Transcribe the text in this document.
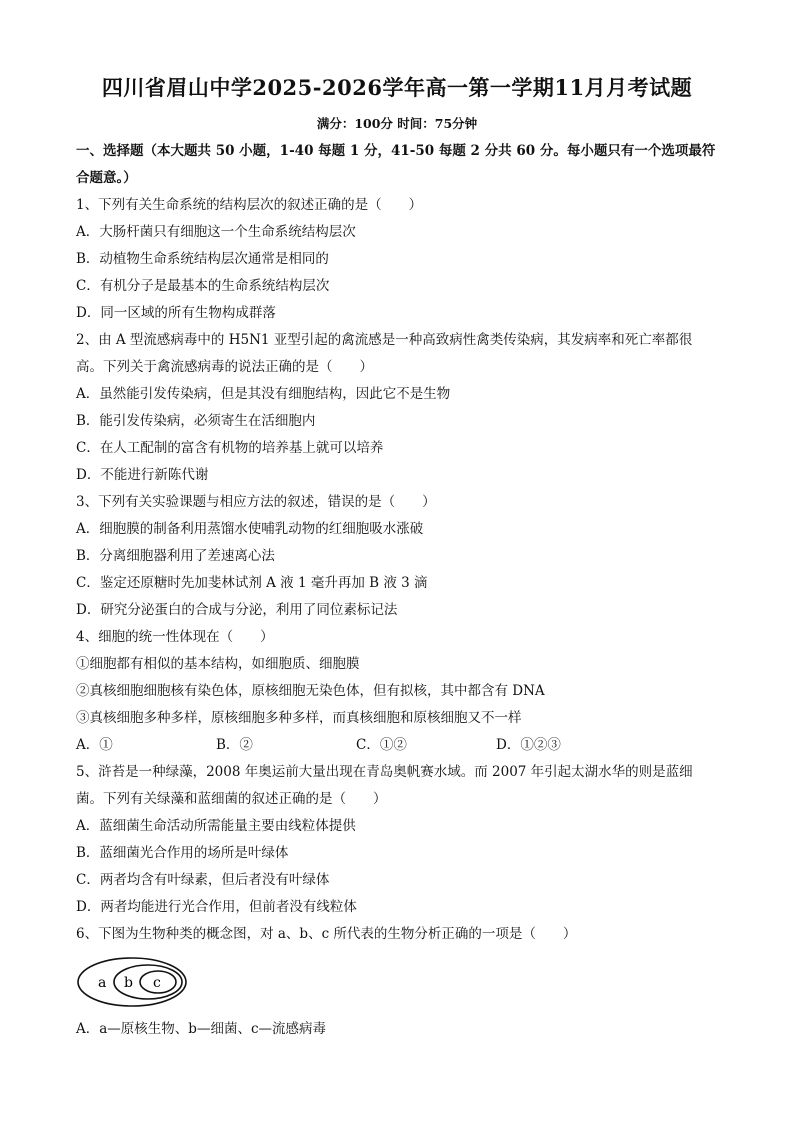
四川省眉山中学2025-2026学年高一第一学期11月月考试题
满分：100分 时间：75分钟
一、选择题（本大题共 50 小题，1-40 每题 1 分，41-50 每题 2 分共 60 分。每小题只有一个选项最符合题意。）
1、下列有关生命系统的结构层次的叙述正确的是（　　）
A．大肠杆菌只有细胞这一个生命系统结构层次
B．动植物生命系统结构层次通常是相同的
C．有机分子是最基本的生命系统结构层次
D．同一区域的所有生物构成群落
2、由 A 型流感病毒中的 H5N1 亚型引起的禽流感是一种高致病性禽类传染病，其发病率和死亡率都很高。下列关于禽流感病毒的说法正确的是（　　）
A．虽然能引发传染病，但是其没有细胞结构，因此它不是生物
B．能引发传染病，必须寄生在活细胞内
C．在人工配制的富含有机物的培养基上就可以培养
D．不能进行新陈代谢
3、下列有关实验课题与相应方法的叙述，错误的是（　　）
A．细胞膜的制备利用蒸馏水使哺乳动物的红细胞吸水涨破
B．分离细胞器利用了差速离心法
C．鉴定还原糖时先加斐林试剂 A 液 1 毫升再加 B 液 3 滴
D．研究分泌蛋白的合成与分泌，利用了同位素标记法
4、细胞的统一性体现在（　　）
①细胞都有相似的基本结构，如细胞质、细胞膜
②真核细胞细胞核有染色体，原核细胞无染色体，但有拟核，其中都含有 DNA
③真核细胞多种多样，原核细胞多种多样，而真核细胞和原核细胞又不一样
A．①	B．②	C．①②	D．①②③
5、浒苔是一种绿藻，2008 年奥运前大量出现在青岛奥帆赛水域。而 2007 年引起太湖水华的则是蓝细菌。下列有关绿藻和蓝细菌的叙述正确的是（　　）
A．蓝细菌生命活动所需能量主要由线粒体提供
B．蓝细菌光合作用的场所是叶绿体
C．两者均含有叶绿素，但后者没有叶绿体
D．两者均能进行光合作用，但前者没有线粒体
6、下图为生物种类的概念图，对 a、b、c 所代表的生物分析正确的一项是（　　）
a b c
A．a—原核生物、b—细菌、c—流感病毒
